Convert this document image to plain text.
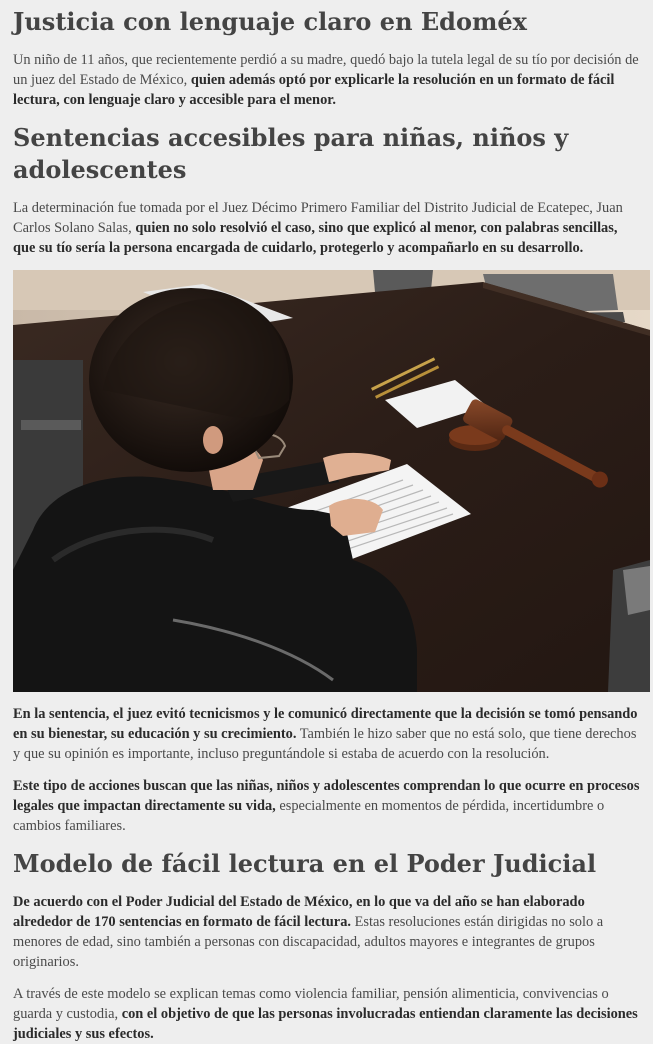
Justicia con lenguaje claro en Edoméx

Un niño de 11 años, que recientemente perdió a su madre, quedó bajo la tutela legal de su tío por decisión de un juez del Estado de México, quien además optó por explicarle la resolución en un formato de fácil lectura, con lenguaje claro y accesible para el menor.

Sentencias accesibles para niñas, niños y adolescentes

La determinación fue tomada por el Juez Décimo Primero Familiar del Distrito Judicial de Ecatepec, Juan Carlos Solano Salas, quien no solo resolvió el caso, sino que explicó al menor, con palabras sencillas, que su tío sería la persona encargada de cuidarlo, protegerlo y acompañarlo en su desarrollo.

En la sentencia, el juez evitó tecnicismos y le comunicó directamente que la decisión se tomó pensando en su bienestar, su educación y su crecimiento. También le hizo saber que no está solo, que tiene derechos y que su opinión es importante, incluso preguntándole si estaba de acuerdo con la resolución.

Este tipo de acciones buscan que las niñas, niños y adolescentes comprendan lo que ocurre en procesos legales que impactan directamente su vida, especialmente en momentos de pérdida, incertidumbre o cambios familiares.

Modelo de fácil lectura en el Poder Judicial

De acuerdo con el Poder Judicial del Estado de México, en lo que va del año se han elaborado alrededor de 170 sentencias en formato de fácil lectura. Estas resoluciones están dirigidas no solo a menores de edad, sino también a personas con discapacidad, adultos mayores e integrantes de grupos originarios.

A través de este modelo se explican temas como violencia familiar, pensión alimenticia, convivencias o guarda y custodia, con el objetivo de que las personas involucradas entiendan claramente las decisiones judiciales y sus efectos.
